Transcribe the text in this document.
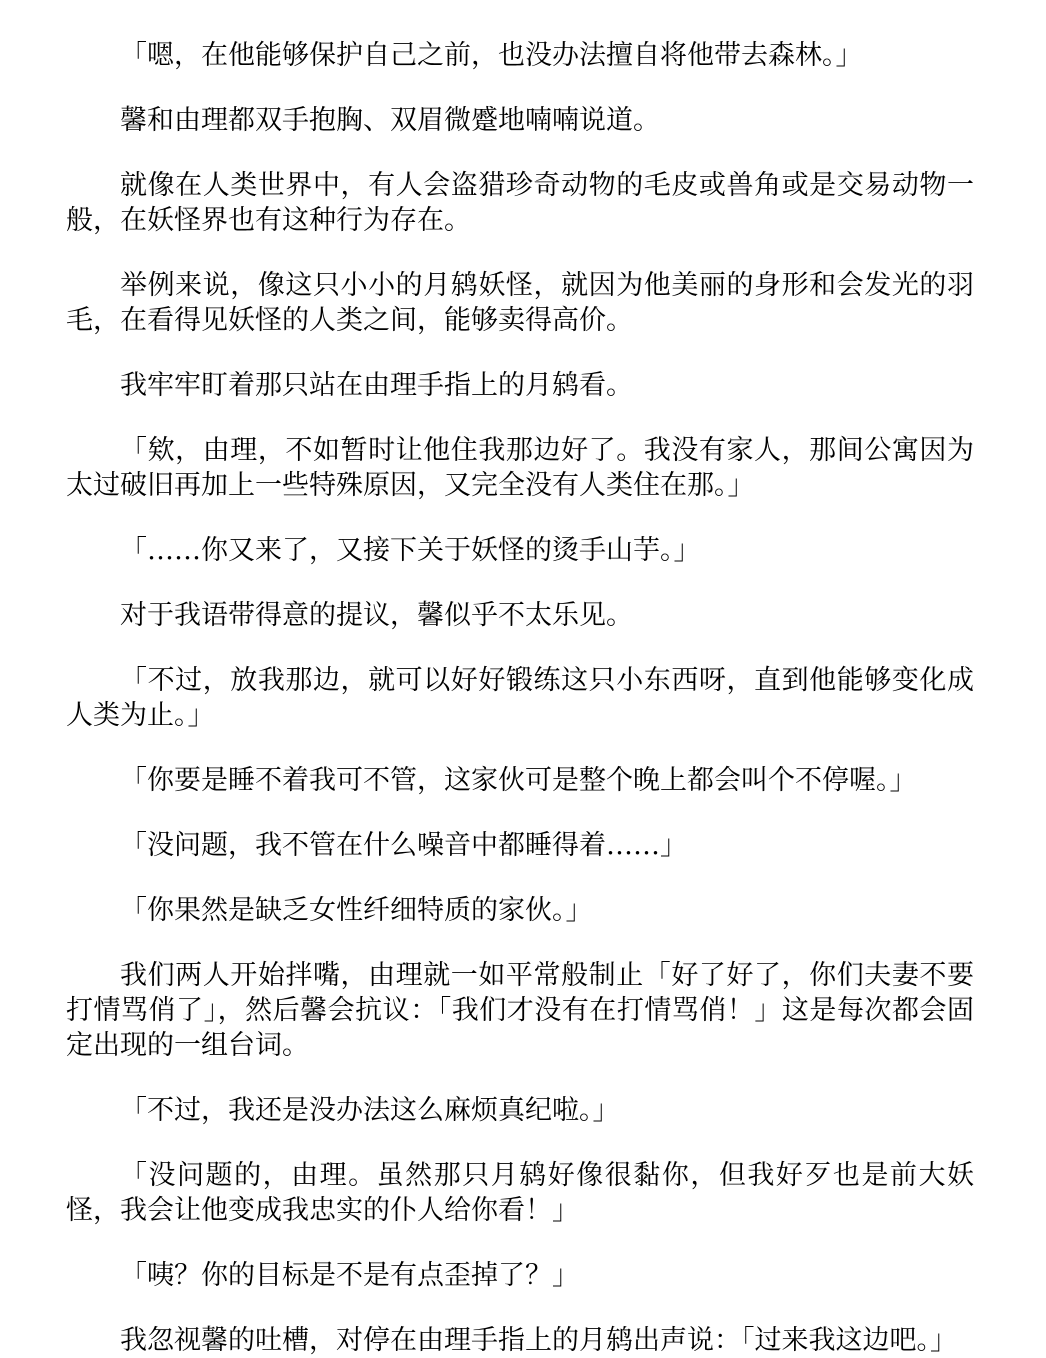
「嗯，在他能够保护自己之前，也没办法擅自将他带去森林。」

馨和由理都双手抱胸、双眉微蹙地喃喃说道。

就像在人类世界中，有人会盗猎珍奇动物的毛皮或兽角或是交易动物一般，在妖怪界也有这种行为存在。

举例来说，像这只小小的月鸫妖怪，就因为他美丽的身形和会发光的羽毛，在看得见妖怪的人类之间，能够卖得高价。

我牢牢盯着那只站在由理手指上的月鸫看。

「欸，由理，不如暂时让他住我那边好了。我没有家人，那间公寓因为太过破旧再加上一些特殊原因，又完全没有人类住在那。」

「……你又来了，又接下关于妖怪的烫手山芋。」

对于我语带得意的提议，馨似乎不太乐见。

「不过，放我那边，就可以好好锻练这只小东西呀，直到他能够变化成人类为止。」

「你要是睡不着我可不管，这家伙可是整个晚上都会叫个不停喔。」

「没问题，我不管在什么噪音中都睡得着……」

「你果然是缺乏女性纤细特质的家伙。」

我们两人开始拌嘴，由理就一如平常般制止「好了好了，你们夫妻不要打情骂俏了」，然后馨会抗议：「我们才没有在打情骂俏！」这是每次都会固定出现的一组台词。

「不过，我还是没办法这么麻烦真纪啦。」

「没问题的，由理。虽然那只月鸫好像很黏你，但我好歹也是前大妖怪，我会让他变成我忠实的仆人给你看！」

「咦？你的目标是不是有点歪掉了？」

我忽视馨的吐槽，对停在由理手指上的月鸫出声说：「过来我这边吧。」
